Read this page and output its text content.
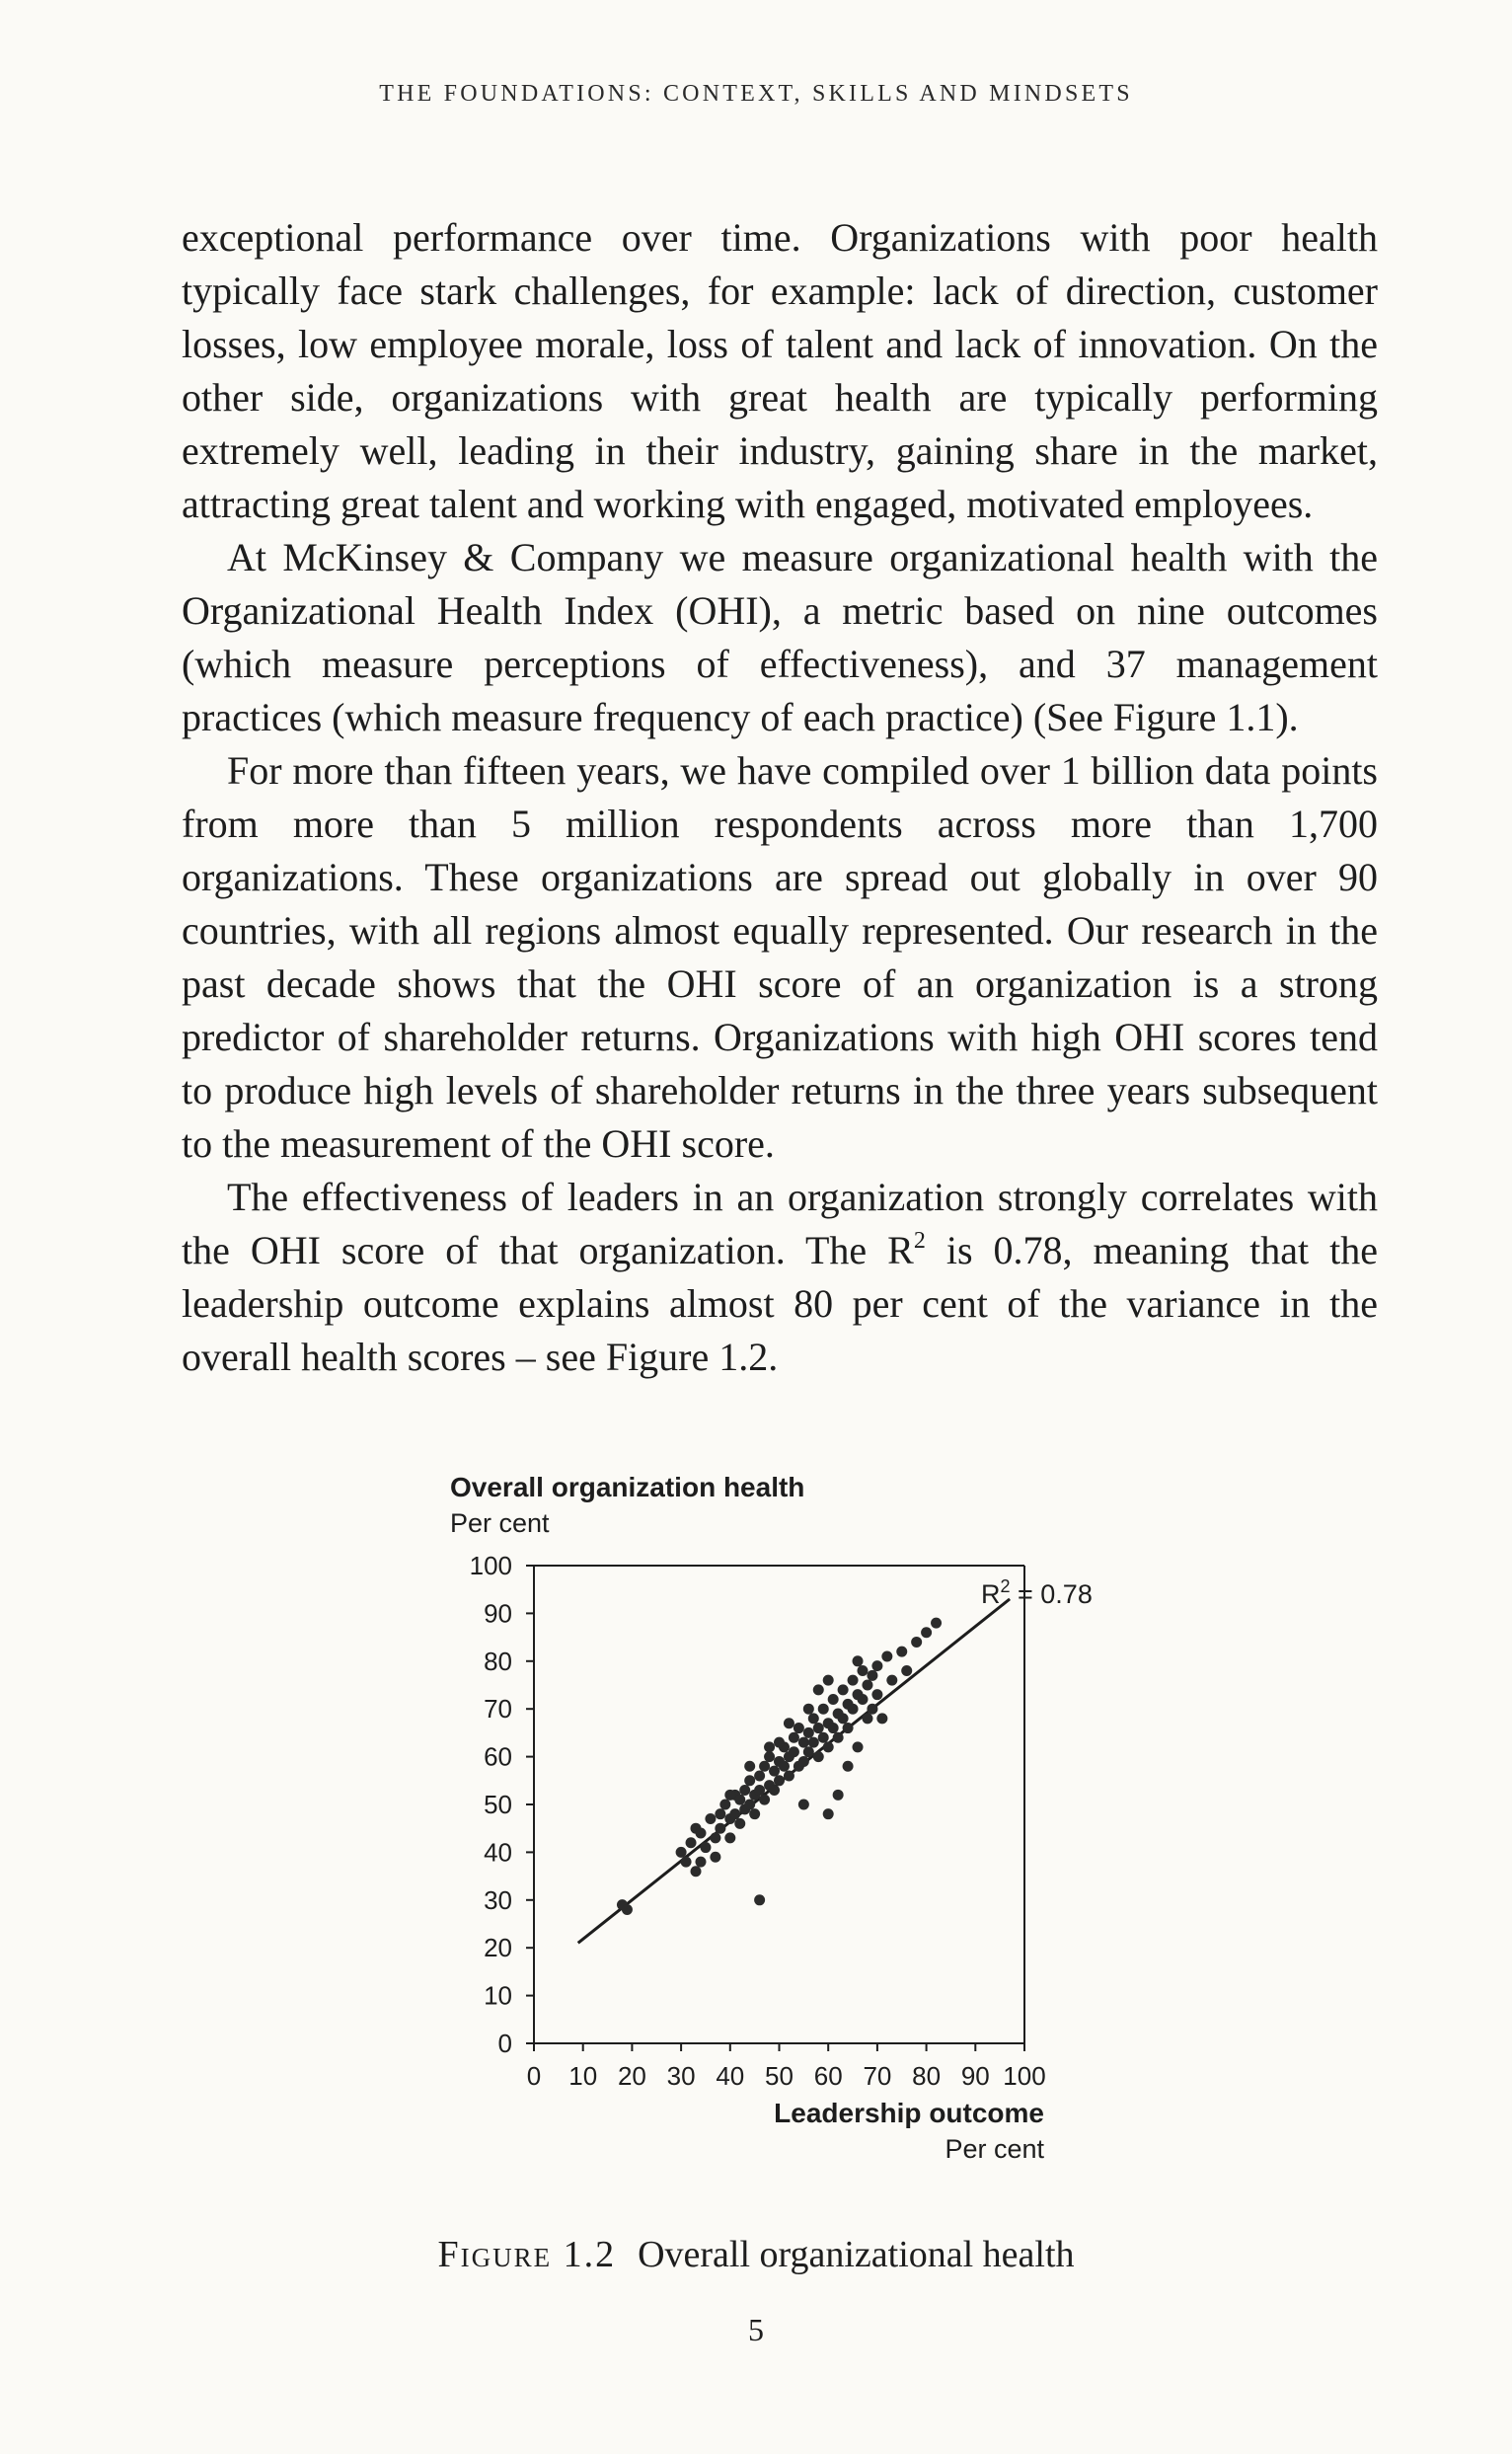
THE FOUNDATIONS: CONTEXT, SKILLS AND MINDSETS

exceptional performance over time. Organizations with poor health typically face stark challenges, for example: lack of direction, customer losses, low employee morale, loss of talent and lack of innovation. On the other side, organizations with great health are typically performing extremely well, leading in their industry, gaining share in the market, attracting great talent and working with engaged, motivated employees.

At McKinsey & Company we measure organizational health with the Organizational Health Index (OHI), a metric based on nine outcomes (which measure perceptions of effectiveness), and 37 management practices (which measure frequency of each practice) (See Figure 1.1).

For more than fifteen years, we have compiled over 1 billion data points from more than 5 million respondents across more than 1,700 organizations. These organizations are spread out globally in over 90 countries, with all regions almost equally represented. Our research in the past decade shows that the OHI score of an organization is a strong predictor of shareholder returns. Organizations with high OHI scores tend to produce high levels of shareholder returns in the three years subsequent to the measurement of the OHI score.

The effectiveness of leaders in an organization strongly correlates with the OHI score of that organization. The $R^2$ is 0.78, meaning that the leadership outcome explains almost 80 per cent of the variance in the overall health scores – see Figure 1.2.

Overall organization health
Per cent
0
10
20
30
40
50
60
70
80
90
100
0 10 20 30 40 50 60 70 80 90 100
Leadership outcome
Per cent
$R^2 = 0.78$
Figure 1.2 Overall organizational health
5
